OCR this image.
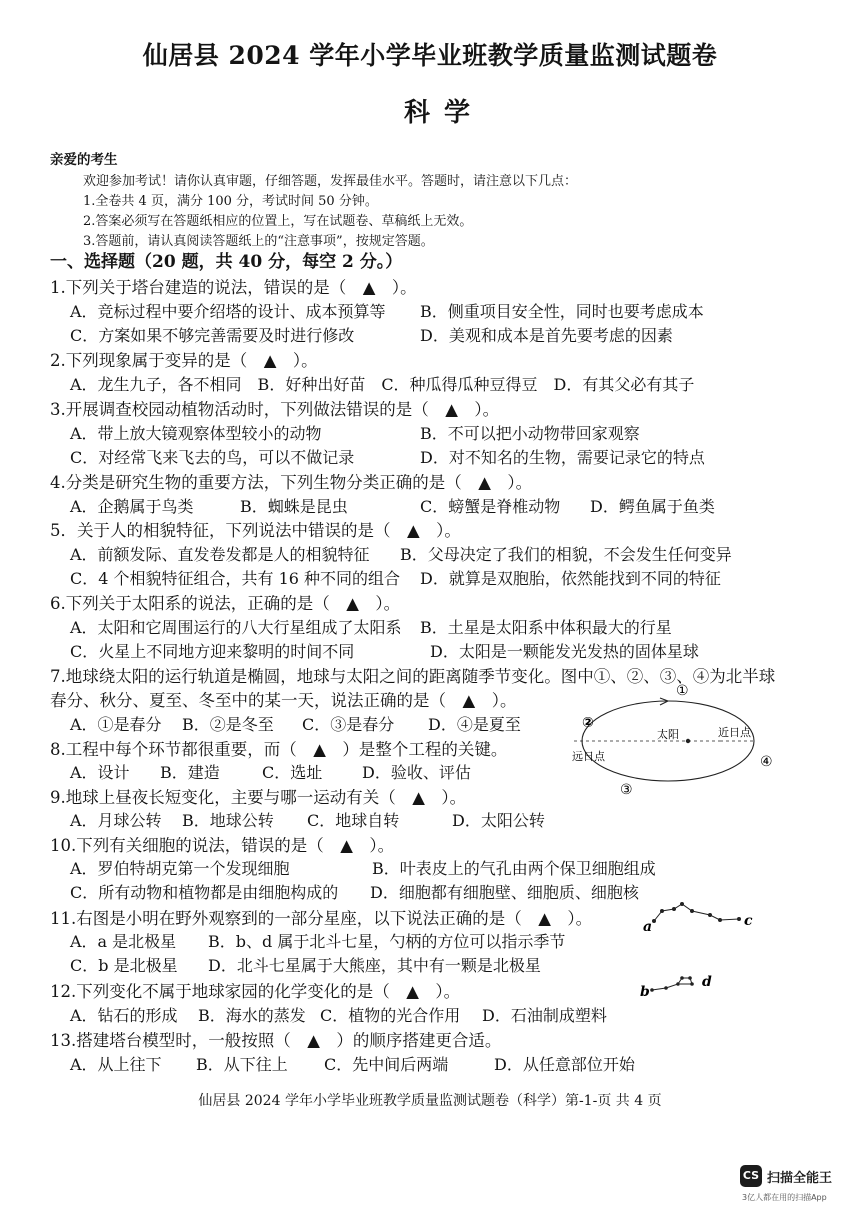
仙居县 2024 学年小学毕业班教学质量监测试题卷
科学
亲爱的考生
欢迎参加考试！请你认真审题，仔细答题，发挥最佳水平。答题时，请注意以下几点：
1.全卷共 4 页，满分 100 分，考试时间 50 分钟。
2.答案必须写在答题纸相应的位置上，写在试题卷、草稿纸上无效。
3.答题前，请认真阅读答题纸上的“注意事项”，按规定答题。
一、选择题（20 题，共 40 分，每空 2 分。）
1.下列关于塔台建造的说法，错误的是（　▲　）。
A．竞标过程中要介绍塔的设计、成本预算等 B．侧重项目安全性，同时也要考虑成本
C．方案如果不够完善需要及时进行修改	D．美观和成本是首先要考虑的因素
2.下列现象属于变异的是（　▲　）。
A．龙生九子，各不相同　B．好种出好苗　C．种瓜得瓜种豆得豆　D．有其父必有其子
3.开展调查校园动植物活动时，下列做法错误的是（　▲　）。
A．带上放大镜观察体型较小的动物	B．不可以把小动物带回家观察
C．对经常飞来飞去的鸟，可以不做记录	D．对不知名的生物，需要记录它的特点
4.分类是研究生物的重要方法，下列生物分类正确的是（　▲　）。
A．企鹅属于鸟类	B．蜘蛛是昆虫	C．螃蟹是脊椎动物 D．鳄鱼属于鱼类
5．关于人的相貌特征，下列说法中错误的是（　▲　）。
A．前额发际、直发卷发都是人的相貌特征 B．父母决定了我们的相貌，不会发生任何变异
C．4 个相貌特征组合，共有 16 种不同的组合 D．就算是双胞胎，依然能找到不同的特征
6.下列关于太阳系的说法，正确的是（　▲　）。
A．太阳和它周围运行的八大行星组成了太阳系 B．土星是太阳系中体积最大的行星
C．火星上不同地方迎来黎明的时间不同	D．太阳是一颗能发光发热的固体星球
7.地球绕太阳的运行轨道是椭圆，地球与太阳之间的距离随季节变化。图中①、②、③、④为北半球
春分、秋分、夏至、冬至中的某一天，说法正确的是（　▲　）。
A．①是春分 B．②是冬至 C．③是春分 D．④是夏至
①
②
③
④
太阳	近日点
远日点
8.工程中每个环节都很重要，而（　▲　）是整个工程的关键。
A．设计 B．建造	C．选址 D．验收、评估
9.地球上昼夜长短变化，主要与哪一运动有关（　▲　）。
A．月球公转 B．地球公转 C．地球自转	D．太阳公转
10.下列有关细胞的说法，错误的是（　▲　）。
A．罗伯特胡克第一个发现细胞	B．叶表皮上的气孔由两个保卫细胞组成
C．所有动物和植物都是由细胞构成的 D．细胞都有细胞壁、细胞质、细胞核
11.右图是小明在野外观察到的一部分星座，以下说法正确的是（　▲　）。
A．a 是北极星 B．b、d 属于北斗七星，勺柄的方位可以指示季节
C．b 是北极星 D．北斗七星属于大熊座，其中有一颗是北极星
a	c
b
d
12.下列变化不属于地球家园的化学变化的是（　▲　）。
A．钻石的形成 B．海水的蒸发 C．植物的光合作用 D．石油制成塑料
13.搭建塔台模型时，一般按照（　▲　）的顺序搭建更合适。
A．从上往下 B．从下往上 C．先中间后两端	D．从任意部位开始
仙居县 2024 学年小学毕业班教学质量监测试题卷（科学）第-1-页 共 4 页
CS 扫描全能王
3亿人都在用的扫描App
